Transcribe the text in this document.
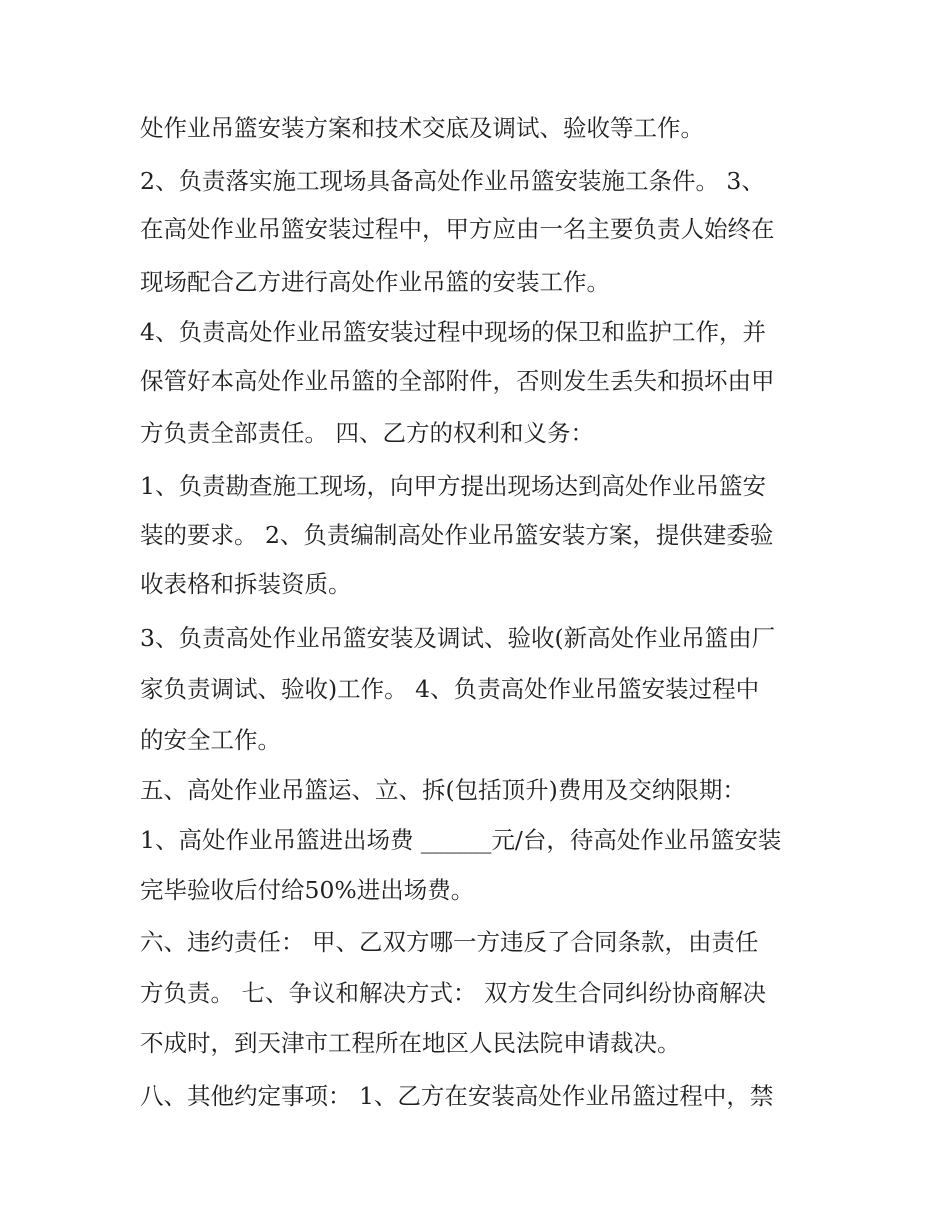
处作业吊篮安装方案和技术交底及调试、验收等工作。
2、负责落实施工现场具备高处作业吊篮安装施工条件。 3、
在高处作业吊篮安装过程中，甲方应由一名主要负责人始终在
现场配合乙方进行高处作业吊篮的安装工作。
4、负责高处作业吊篮安装过程中现场的保卫和监护工作，并
保管好本高处作业吊篮的全部附件，否则发生丢失和损坏由甲
方负责全部责任。 四、乙方的权利和义务：
1、负责勘查施工现场，向甲方提出现场达到高处作业吊篮安
装的要求。 2、负责编制高处作业吊篮安装方案，提供建委验
收表格和拆装资质。
3、负责高处作业吊篮安装及调试、验收(新高处作业吊篮由厂
家负责调试、验收)工作。 4、负责高处作业吊篮安装过程中
的安全工作。
五、高处作业吊篮运、立、拆(包括顶升)费用及交纳限期：
1、高处作业吊篮进出场费 ______元/台，待高处作业吊篮安装
完毕验收后付给50%进出场费。
六、违约责任： 甲、乙双方哪一方违反了合同条款，由责任
方负责。 七、争议和解决方式： 双方发生合同纠纷协商解决
不成时，到天津市工程所在地区人民法院申请裁决。
八、其他约定事项： 1、乙方在安装高处作业吊篮过程中，禁
